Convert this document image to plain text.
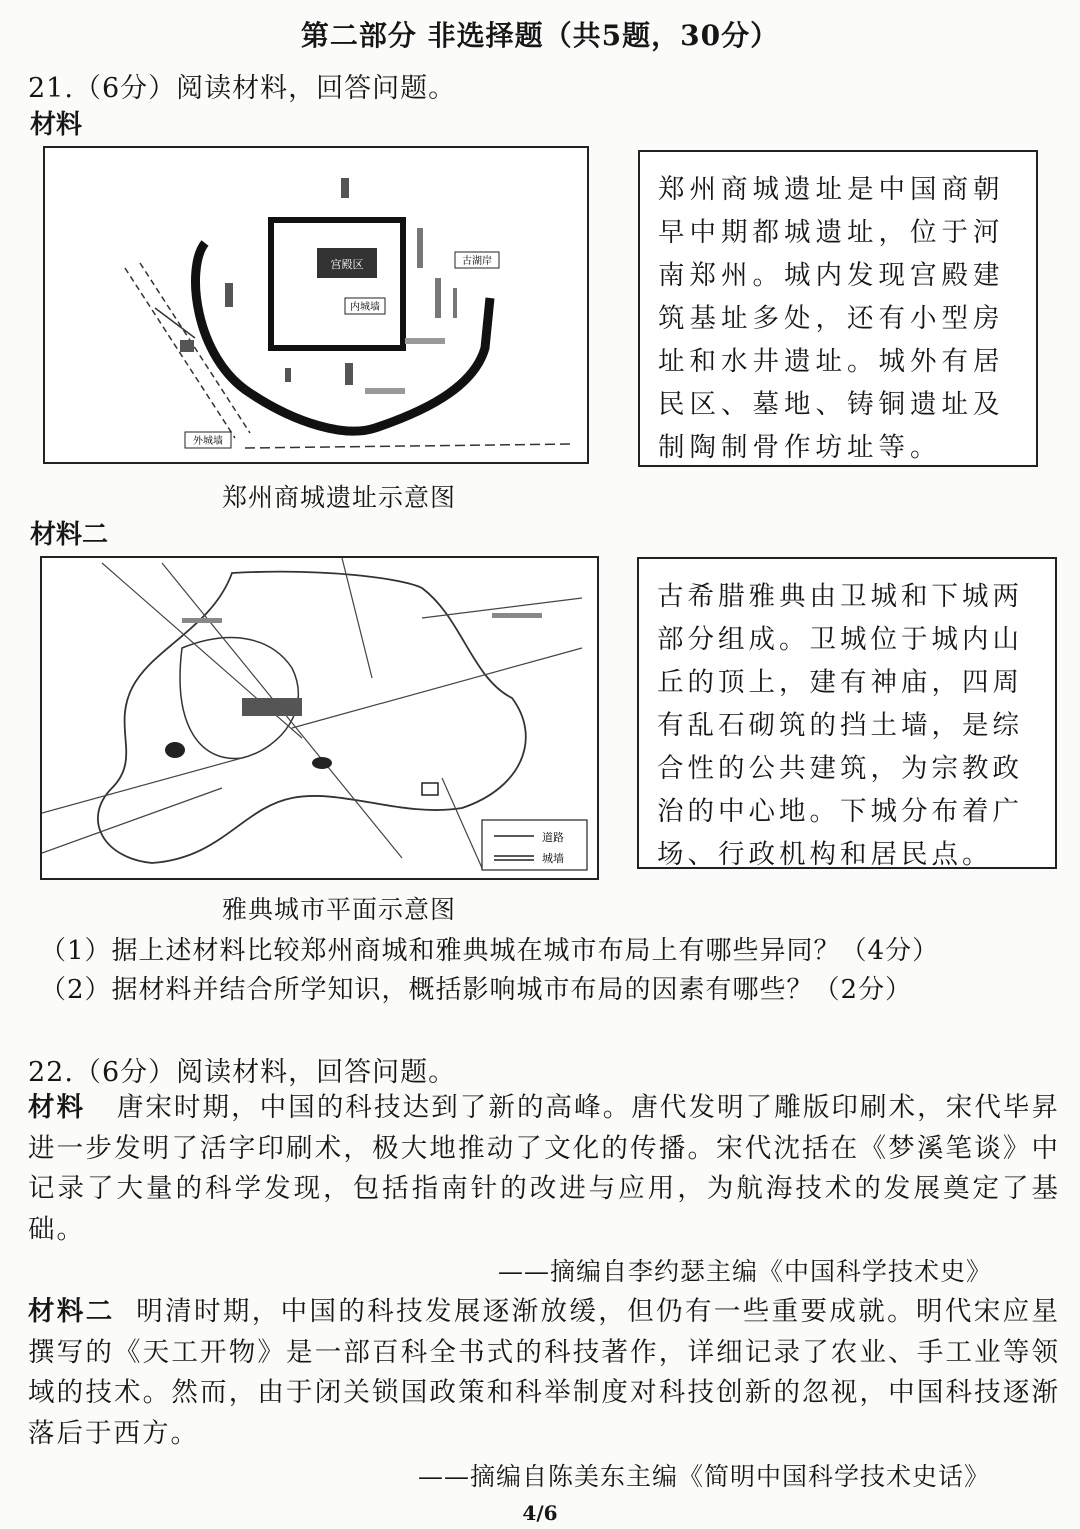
第二部分 非选择题（共5题，30分）
21.（6分）阅读材料，回答问题。
材料
宫殿区
内城墙
古湖岸
外城墙
郑州商城遗址示意图
郑州商城遗址是中国商朝早中期都城遗址，位于河南郑州。城内发现宫殿建筑基址多处，还有小型房址和水井遗址。城外有居民区、墓地、铸铜遗址及制陶制骨作坊址等。
材料二
道路
城墙
雅典城市平面示意图
古希腊雅典由卫城和下城两部分组成。卫城位于城内山丘的顶上，建有神庙，四周有乱石砌筑的挡土墙，是综合性的公共建筑，为宗教政治的中心地。下城分布着广场、行政机构和居民点。
（1）据上述材料比较郑州商城和雅典城在城市布局上有哪些异同？（4分）
（2）据材料并结合所学知识，概括影响城市布局的因素有哪些？（2分）
22.（6分）阅读材料，回答问题。
材料 唐宋时期，中国的科技达到了新的高峰。唐代发明了雕版印刷术，宋代毕昇进一步发明了活字印刷术，极大地推动了文化的传播。宋代沈括在《梦溪笔谈》中记录了大量的科学发现，包括指南针的改进与应用，为航海技术的发展奠定了基础。
——摘编自李约瑟主编《中国科学技术史》
材料二 明清时期，中国的科技发展逐渐放缓，但仍有一些重要成就。明代宋应星撰写的《天工开物》是一部百科全书式的科技著作，详细记录了农业、手工业等领域的技术。然而，由于闭关锁国政策和科举制度对科技创新的忽视，中国科技逐渐落后于西方。
——摘编自陈美东主编《简明中国科学技术史话》
4/6
